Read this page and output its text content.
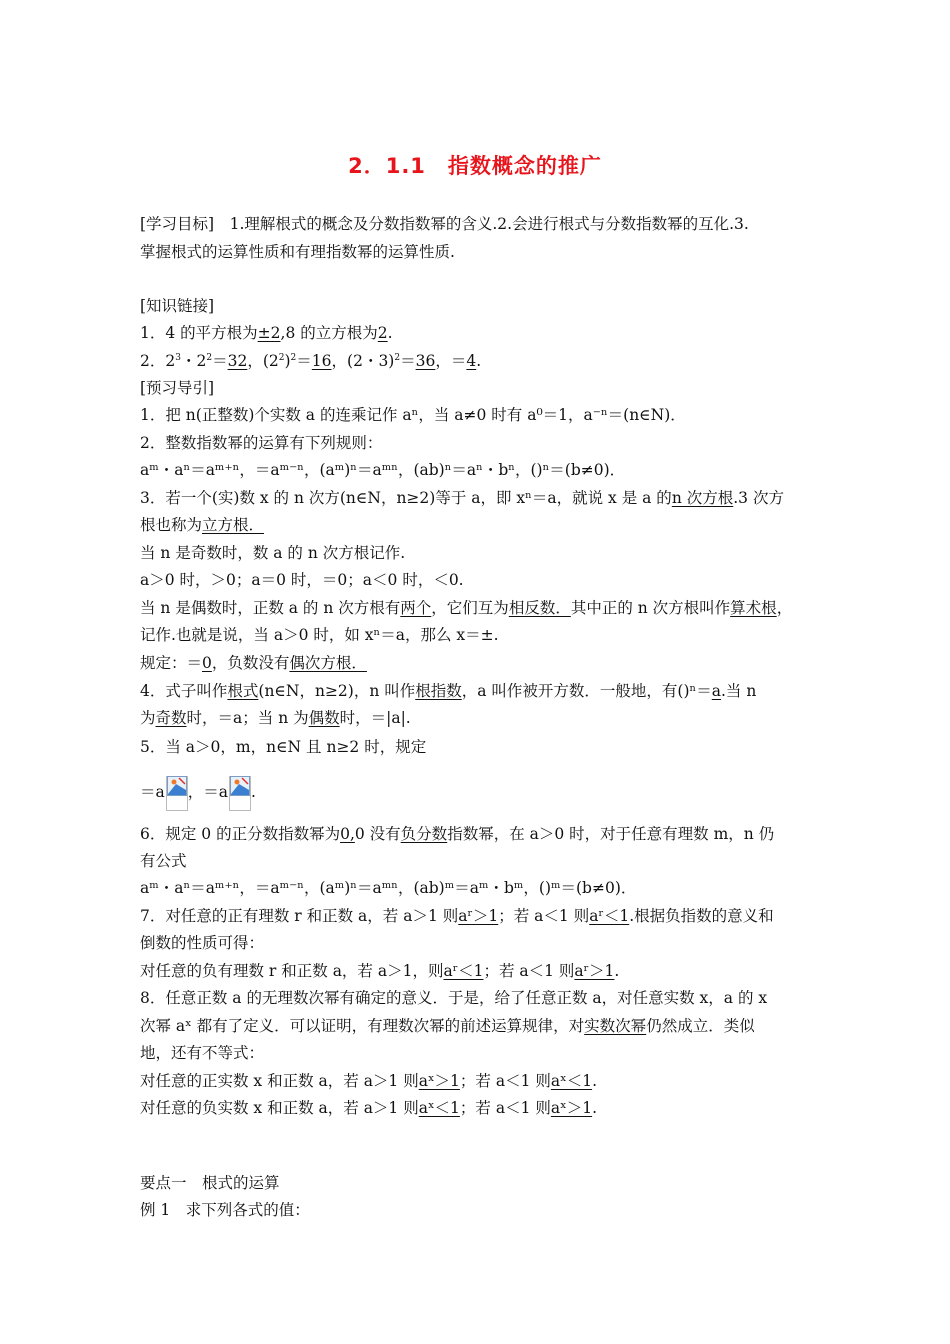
2．1.1　指数概念的推广
[学习目标]　1.理解根式的概念及分数指数幂的含义.2.会进行根式与分数指数幂的互化.3.
掌握根式的运算性质和有理指数幂的运算性质.
[知识链接]
1．4 的平方根为±2,8 的立方根为2.
2．$2^3$・$2^2=32$，$(2^2)^2=16$，(2・3)$^2$＝36，＝4.
[预习导引]
1．把 n(正整数)个实数 a 的连乘记作 aⁿ，当 a≠0 时有 a⁰＝1，a⁻ⁿ＝(n∈N)．
2．整数指数幂的运算有下列规则：
aᵐ・aⁿ＝aᵐ⁺ⁿ，＝aᵐ⁻ⁿ，(aᵐ)ⁿ＝aᵐⁿ，(ab)ⁿ＝aⁿ・bⁿ，()ⁿ＝(b≠0)．
3．若一个(实)数 x 的 n 次方(n∈N，n≥2)等于 a，即 xⁿ＝a，就说 x 是 a 的n 次方根.3 次方
根也称为立方根．
当 n 是奇数时，数 a 的 n 次方根记作.
a＞0 时，＞0；a＝0 时，＝0；a＜0 时，＜0.
当 n 是偶数时，正数 a 的 n 次方根有两个，它们互为相反数．其中正的 n 次方根叫作算术根，
记作.也就是说，当 a＞0 时，如 xⁿ＝a，那么 x＝±.
规定：＝0，负数没有偶次方根．
4．式子叫作根式(n∈N，n≥2)，n 叫作根指数，a 叫作被开方数．一般地，有()ⁿ＝a.当 n
为奇数时，＝a；当 n 为偶数时，＝|a|.
5．当 a＞0，m，n∈N 且 n≥2 时，规定
＝a ，＝a .
6．规定 0 的正分数指数幂为0,0 没有负分数指数幂，在 a＞0 时，对于任意有理数 m，n 仍
有公式
aᵐ・aⁿ＝aᵐ⁺ⁿ，＝aᵐ⁻ⁿ，(aᵐ)ⁿ＝aᵐⁿ，(ab)ᵐ＝aᵐ・bᵐ，()ᵐ＝(b≠0)．
7．对任意的正有理数 r 和正数 a，若 a＞1 则aʳ＞1；若 a＜1 则aʳ＜1.根据负指数的意义和
倒数的性质可得：
对任意的负有理数 r 和正数 a，若 a＞1，则aʳ＜1；若 a＜1 则aʳ＞1.
8．任意正数 a 的无理数次幂有确定的意义．于是，给了任意正数 a，对任意实数 x，a 的 x
次幂 aˣ 都有了定义．可以证明，有理数次幂的前述运算规律，对实数次幂仍然成立．类似
地，还有不等式：
对任意的正实数 x 和正数 a，若 a＞1 则aˣ＞1；若 a＜1 则aˣ＜1.
对任意的负实数 x 和正数 a，若 a＞1 则aˣ＜1；若 a＜1 则aˣ＞1.
要点一　根式的运算
例 1　求下列各式的值：
